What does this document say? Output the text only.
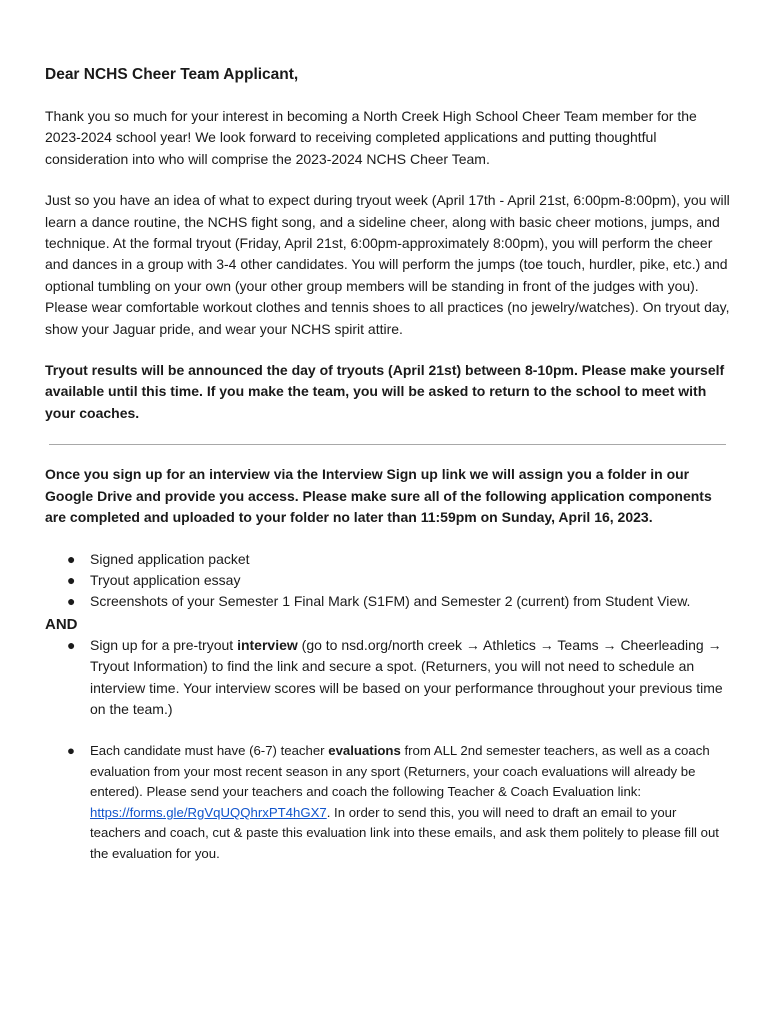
Dear NCHS Cheer Team Applicant,

Thank you so much for your interest in becoming a North Creek High School Cheer Team member for the 2023-2024 school year! We look forward to receiving completed applications and putting thoughtful consideration into who will comprise the 2023-2024 NCHS Cheer Team.

Just so you have an idea of what to expect during tryout week (April 17th - April 21st, 6:00pm-8:00pm), you will learn a dance routine, the NCHS fight song, and a sideline cheer, along with basic cheer motions, jumps, and technique. At the formal tryout (Friday, April 21st, 6:00pm-approximately 8:00pm), you will perform the cheer and dances in a group with 3-4 other candidates. You will perform the jumps (toe touch, hurdler, pike, etc.) and optional tumbling on your own (your other group members will be standing in front of the judges with you). Please wear comfortable workout clothes and tennis shoes to all practices (no jewelry/watches). On tryout day, show your Jaguar pride, and wear your NCHS spirit attire.

Tryout results will be announced the day of tryouts (April 21st) between 8-10pm. Please make yourself available until this time. If you make the team, you will be asked to return to the school to meet with your coaches.

Once you sign up for an interview via the Interview Sign up link we will assign you a folder in our Google Drive and provide you access. Please make sure all of the following application components are completed and uploaded to your folder no later than 11:59pm on Sunday, April 16, 2023.

● Signed application packet
● Tryout application essay
● Screenshots of your Semester 1 Final Mark (S1FM) and Semester 2 (current) from Student View.
AND
● Sign up for a pre-tryout interview (go to nsd.org/north creek → Athletics → Teams → Cheerleading → Tryout Information) to find the link and secure a spot. (Returners, you will not need to schedule an interview time. Your interview scores will be based on your performance throughout your previous time on the team.)
● Each candidate must have (6-7) teacher evaluations from ALL 2nd semester teachers, as well as a coach evaluation from your most recent season in any sport (Returners, your coach evaluations will already be entered). Please send your teachers and coach the following Teacher & Coach Evaluation link: https://forms.gle/RgVqUQQhrxPT4hGX7. In order to send this, you will need to draft an email to your teachers and coach, cut & paste this evaluation link into these emails, and ask them politely to please fill out the evaluation for you.
